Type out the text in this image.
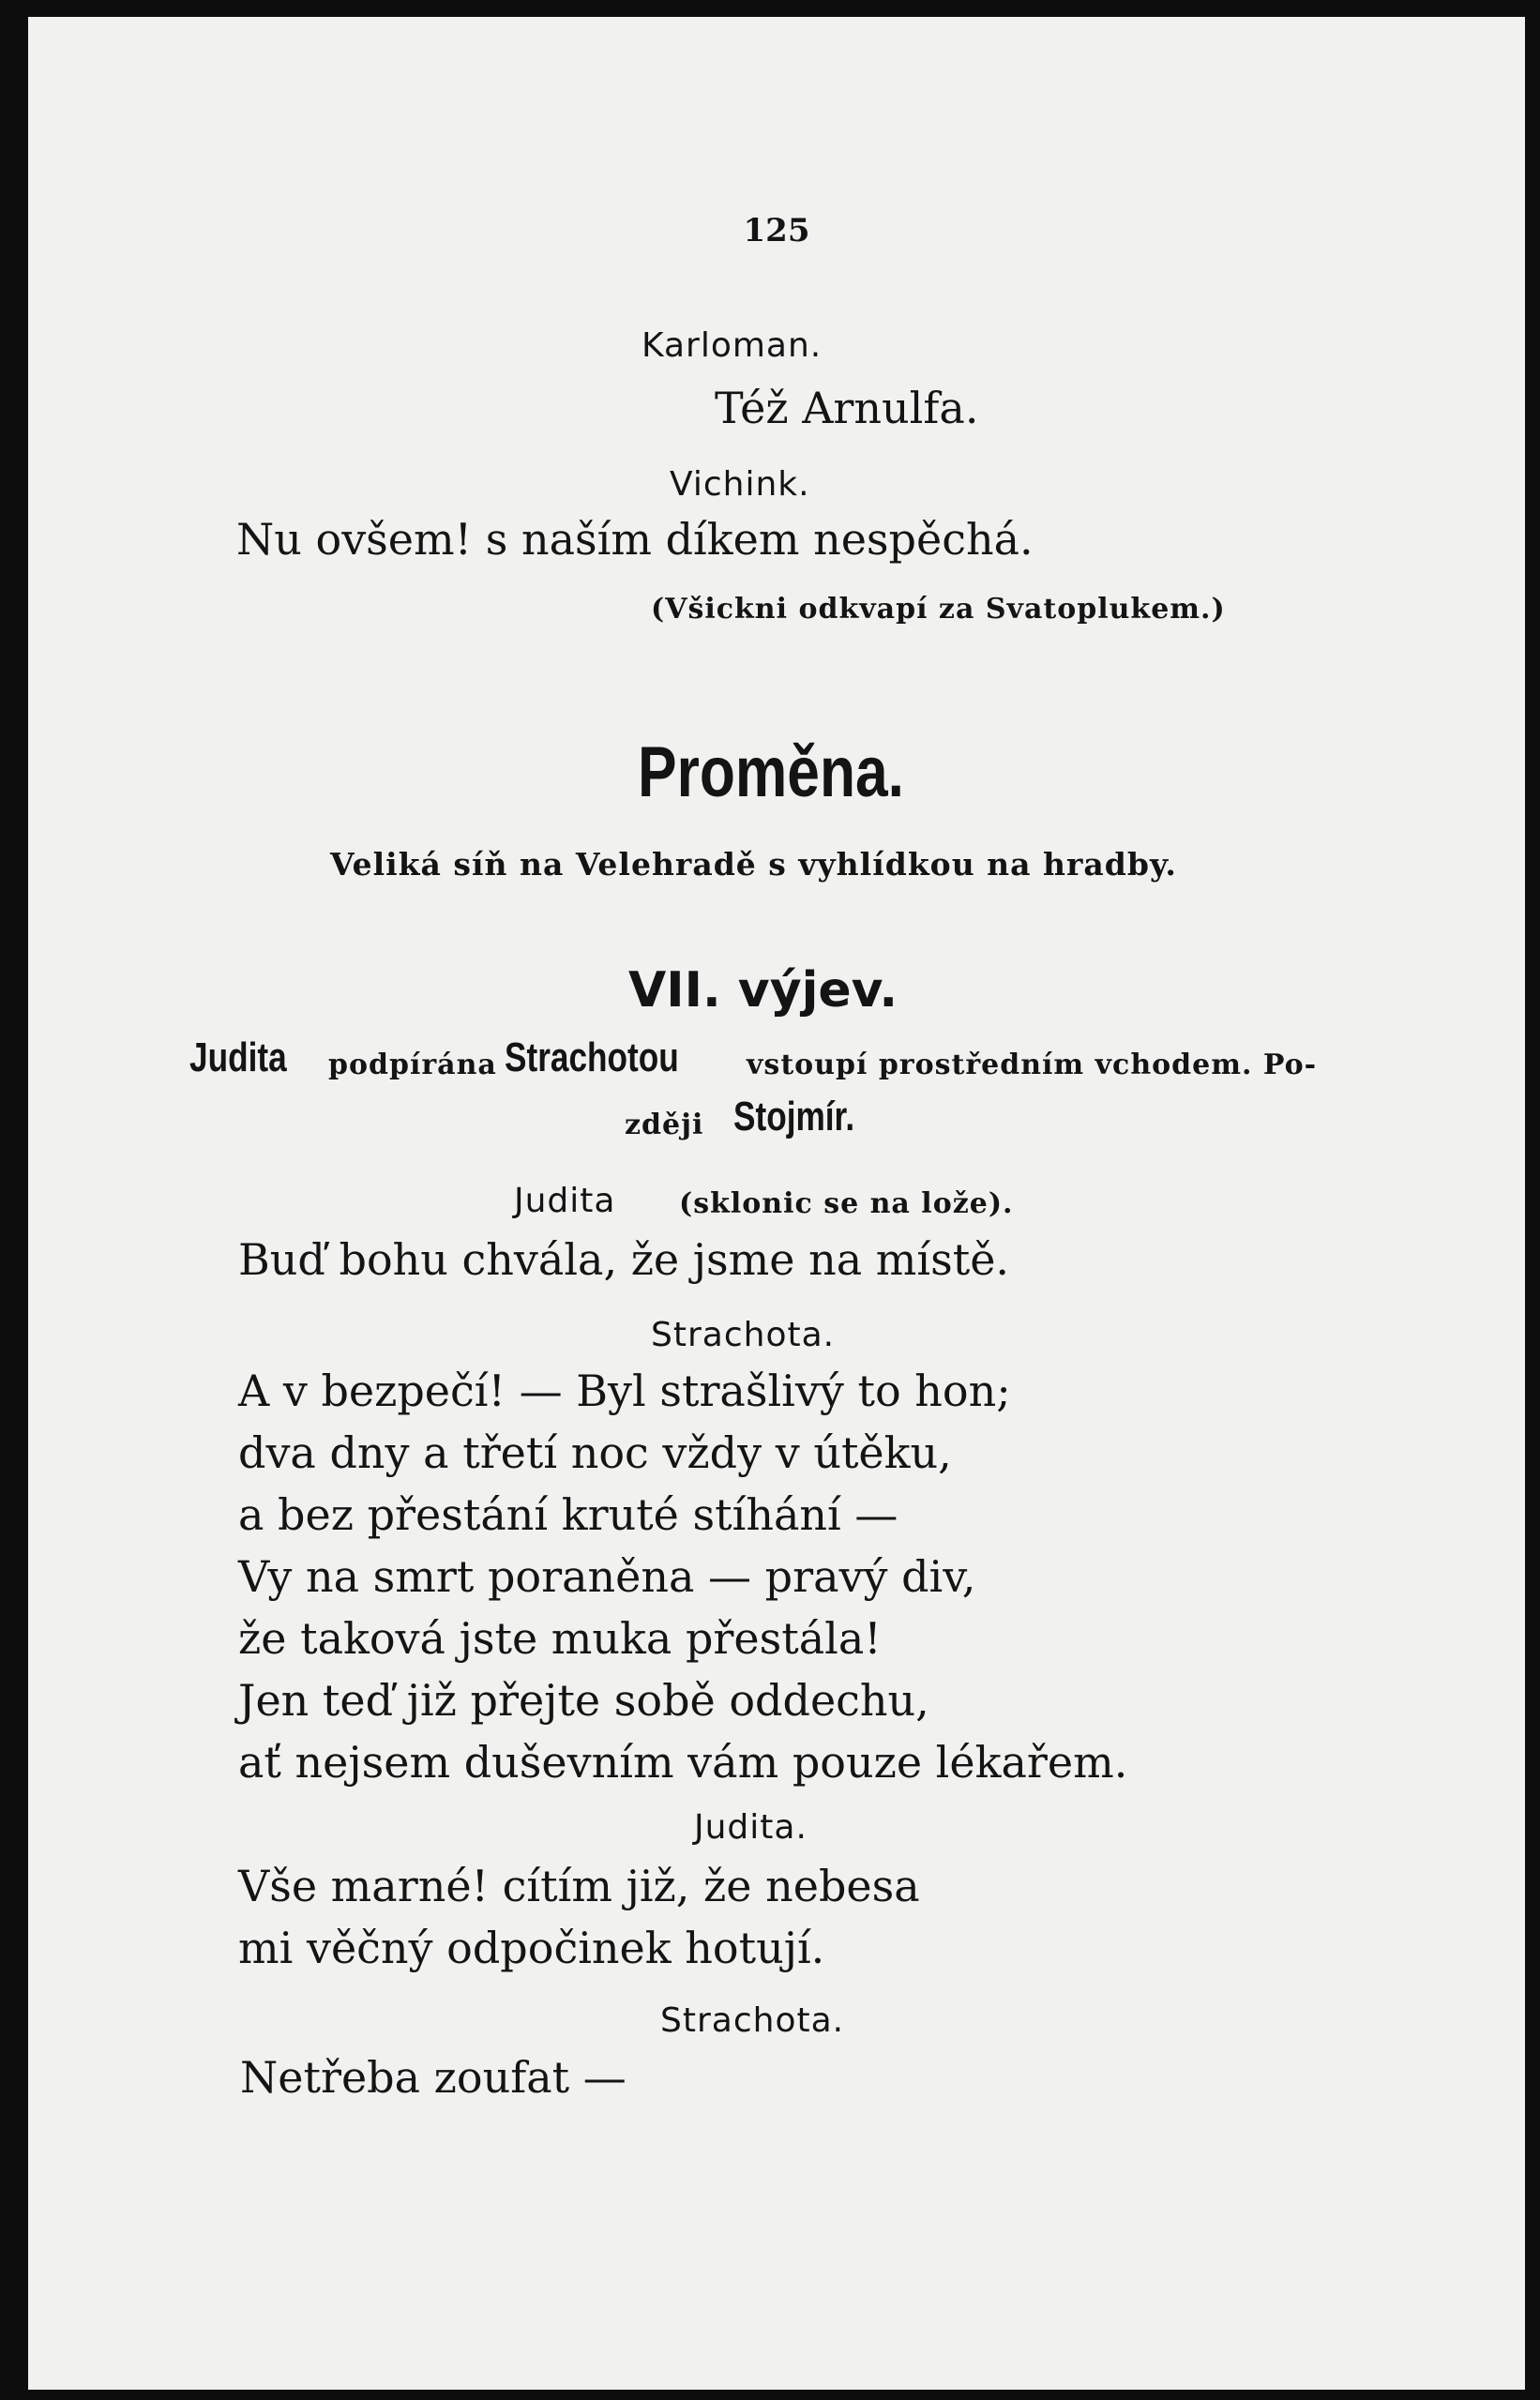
125
Karloman.
Též Arnulfa.
Vichink.
Nu ovšem! s naším díkem nespěchá.
(Všickni odkvapí za Svatoplukem.)
Proměna.
Veliká síň na Velehradě s vyhlídkou na hradby.
VII. výjev.
Judita	podpírána Strachotou	vstoupí prostředním vchodem. Po-
zději Stojmír.
Judita (sklonic se na lože).
Buď bohu chvála, že jsme na místě.
Strachota.
A v bezpečí! — Byl strašlivý to hon;
dva dny a třetí noc vždy v útěku,
a bez přestání kruté stíhání —
Vy na smrt poraněna — pravý div,
že taková jste muka přestála!
Jen teď již přejte sobě oddechu,
ať nejsem duševním vám pouze lékařem.
Judita.
Vše marné! cítím již, že nebesa
mi věčný odpočinek hotují.
Strachota.
Netřeba zoufat —
